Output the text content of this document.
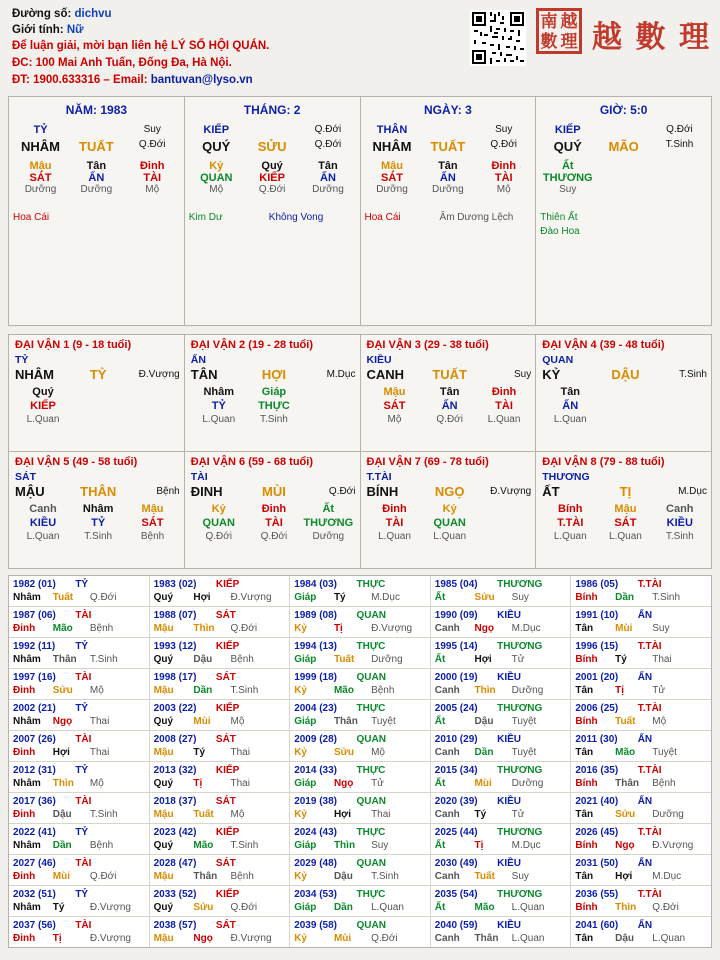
Đường số: dichvu
Giới tính: Nữ
Để luận giải, mời bạn liên hệ LÝ SỐ HỘI QUÁN.
ĐC: 100 Mai Anh Tuấn, Đống Đa, Hà Nội.
ĐT: 1900.633316 – Email: bantuvan@lyso.vn
南 越
數 理 越 數 理
NĂM: 1983
TỶ	Suy
NHÂM	TUẤT	Q.Đới
Mậu	Tân	Đinh
SÁT	ẤN	TÀI
Dưỡng	Dưỡng	Mộ
Hoa Cái
THÁNG: 2
KIẾP	Q.Đới
QUÝ	SỬU	Q.Đới
Kỷ	Quý	Tân
QUAN	KIẾP	ẤN
Mộ	Q.Đới	Dưỡng
Kim Dư	Không Vong
NGÀY: 3
THÂN	Suy
NHÂM	TUẤT	Q.Đới
Mậu	Tân	Đinh
SÁT	ẤN	TÀI
Dưỡng	Dưỡng	Mộ
Hoa Cái	Âm Dương Lệch
GIỜ: 5:0
KIẾP	Q.Đới
QUÝ	MÃO	T.Sinh
Ất
THƯƠNG
Suy
Thiên Ất
Đào Hoa
ĐẠI VẬN 1 (9 - 18 tuổi)
TỶ
NHÂM	TỶ	Đ.Vượng
Quý
KIẾP
L.Quan
ĐẠI VẬN 2 (19 - 28 tuổi)
ẤN
TÂN	HỢI	M.Dục
Nhâm	Giáp
TỶ	THỰC
L.Quan	T.Sinh
ĐẠI VẬN 3 (29 - 38 tuổi)
KIỀU
CANH	TUẤT	Suy
Mậu	Tân	Đinh
SÁT	ẤN	TÀI
Mộ	Q.Đới	L.Quan
ĐẠI VẬN 4 (39 - 48 tuổi)
QUAN
KỶ	DẬU	T.Sinh
Tân
ẤN
L.Quan
ĐẠI VẬN 5 (49 - 58 tuổi)
SÁT
MẬU	THÂN	Bệnh
Canh	Nhâm	Mậu
KIỀU	TỶ	SÁT
L.Quan	T.Sinh	Bệnh
ĐẠI VẬN 6 (59 - 68 tuổi)
TÀI
ĐINH	MÙI	Q.Đới
Kỷ	Đinh	Ất
QUAN	TÀI	THƯƠNG
Q.Đới	Q.Đới	Dưỡng
ĐẠI VẬN 7 (69 - 78 tuổi)
T.TÀI
BÍNH	NGỌ	Đ.Vượng
Đinh	Kỷ
TÀI	QUAN
L.Quan	L.Quan
ĐẠI VẬN 8 (79 - 88 tuổi)
THƯƠNG
ẤT	TỊ	M.Dục
Bính	Mậu	Canh
T.TÀI	SÁT	KIỀU
L.Quan	L.Quan	T.Sinh
1982 (01)	TỶ
Nhâm	Tuất	Q.Đới
1983 (02)	KIẾP
Quý	Hợi	Đ.Vượng
1984 (03)	THỰC
Giáp	Tý	M.Dục
1985 (04)	THƯƠNG
Ất	Sửu	Suy
1986 (05)	T.TÀI
Bính	Dần	T.Sinh
1987 (06)	TÀI
Đinh	Mão	Bệnh
1988 (07)	SÁT
Mậu	Thìn	Q.Đới
1989 (08)	QUAN
Kỷ	Tị	Đ.Vượng
1990 (09)	KIỀU
Canh	Ngọ	M.Dục
1991 (10)	ẤN
Tân	Mùi	Suy
1992 (11)	TỶ
Nhâm	Thân	T.Sinh
1993 (12)	KIẾP
Quý	Dậu	Bệnh
1994 (13)	THỰC
Giáp	Tuất	Dưỡng
1995 (14)	THƯƠNG
Ất	Hợi	Tử
1996 (15)	T.TÀI
Bính	Tý	Thai
1997 (16)	TÀI
Đinh	Sửu	Mộ
1998 (17)	SÁT
Mậu	Dần	T.Sinh
1999 (18)	QUAN
Kỷ	Mão	Bệnh
2000 (19)	KIỀU
Canh	Thìn	Dưỡng
2001 (20)	ẤN
Tân	Tị	Tử
2002 (21)	TỶ
Nhâm	Ngọ	Thai
2003 (22)	KIẾP
Quý	Mùi	Mộ
2004 (23)	THỰC
Giáp	Thân	Tuyệt
2005 (24)	THƯƠNG
Ất	Dậu	Tuyệt
2006 (25)	T.TÀI
Bính	Tuất	Mộ
2007 (26)	TÀI
Đinh	Hợi	Thai
2008 (27)	SÁT
Mậu	Tý	Thai
2009 (28)	QUAN
Kỷ	Sửu	Mộ
2010 (29)	KIỀU
Canh	Dần	Tuyệt
2011 (30)	ẤN
Tân	Mão	Tuyệt
2012 (31)	TỶ
Nhâm	Thìn	Mộ
2013 (32)	KIẾP
Quý	Tị	Thai
2014 (33)	THỰC
Giáp	Ngọ	Tử
2015 (34)	THƯƠNG
Ất	Mùi	Dưỡng
2016 (35)	T.TÀI
Bính	Thân	Bệnh
2017 (36)	TÀI
Đinh	Dậu	T.Sinh
2018 (37)	SÁT
Mậu	Tuất	Mộ
2019 (38)	QUAN
Kỷ	Hợi	Thai
2020 (39)	KIỀU
Canh	Tý	Tử
2021 (40)	ẤN
Tân	Sửu	Dưỡng
2022 (41)	TỶ
Nhâm	Dần	Bệnh
2023 (42)	KIẾP
Quý	Mão	T.Sinh
2024 (43)	THỰC
Giáp	Thìn	Suy
2025 (44)	THƯƠNG
Ất	Tị	M.Dục
2026 (45)	T.TÀI
Bính	Ngọ	Đ.Vượng
2027 (46)	TÀI
Đinh	Mùi	Q.Đới
2028 (47)	SÁT
Mậu	Thân	Bệnh
2029 (48)	QUAN
Kỷ	Dậu	T.Sinh
2030 (49)	KIỀU
Canh	Tuất	Suy
2031 (50)	ẤN
Tân	Hợi	M.Dục
2032 (51)	TỶ
Nhâm	Tý	Đ.Vượng
2033 (52)	KIẾP
Quý	Sửu	Q.Đới
2034 (53)	THỰC
Giáp	Dần	L.Quan
2035 (54)	THƯƠNG
Ất	Mão	L.Quan
2036 (55)	T.TÀI
Bính	Thìn	Q.Đới
2037 (56)	TÀI
Đinh	Tị	Đ.Vượng
2038 (57)	SÁT
Mậu	Ngọ	Đ.Vượng
2039 (58)	QUAN
Kỷ	Mùi	Q.Đới
2040 (59)	KIỀU
Canh	Thân	L.Quan
2041 (60)	ẤN
Tân	Dậu	L.Quan
